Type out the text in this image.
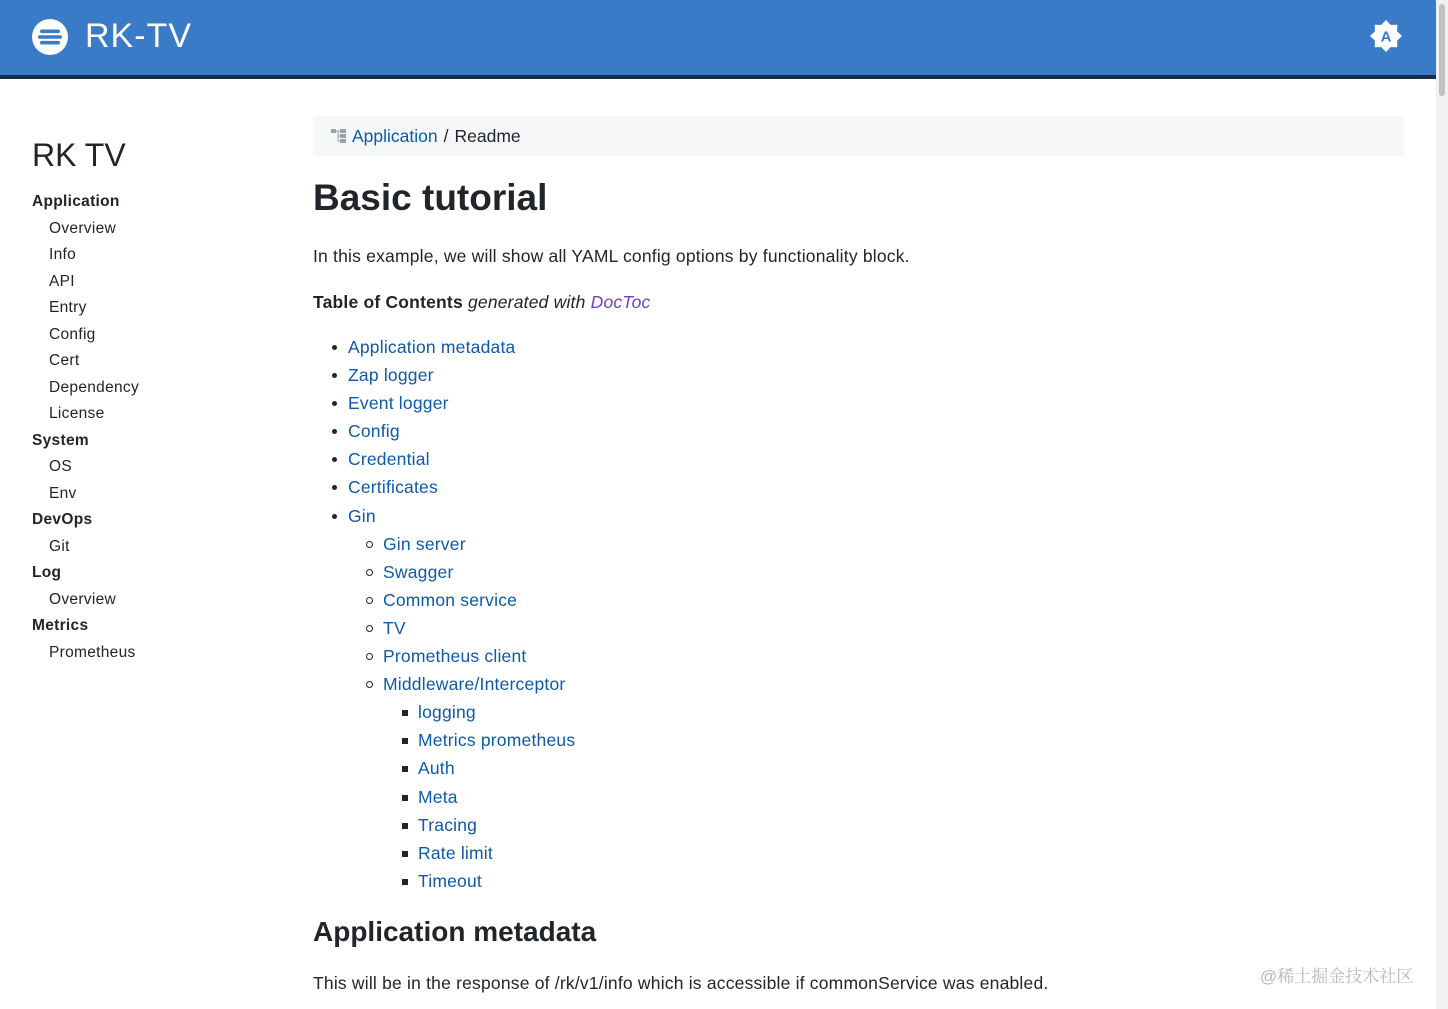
RK-TV	A
RK TV
Application
Overview
Info
API
Entry
Config
Cert
Dependency
License
System
OS
Env
DevOps
Git
Log
Overview
Metrics
Prometheus
Application / Readme
Basic tutorial

In this example, we will show all YAML config options by functionality block.

Table of Contents generated with DocToc

Application metadata
Zap logger
Event logger
Config
Credential
Certificates
Gin
Gin server
Swagger
Common service
TV
Prometheus client
Middleware/Interceptor
logging
Metrics prometheus
Auth
Meta
Tracing
Rate limit
Timeout
Application metadata

This will be in the response of /rk/v1/info which is accessible if commonService was enabled.	@稀土掘金技术社区
